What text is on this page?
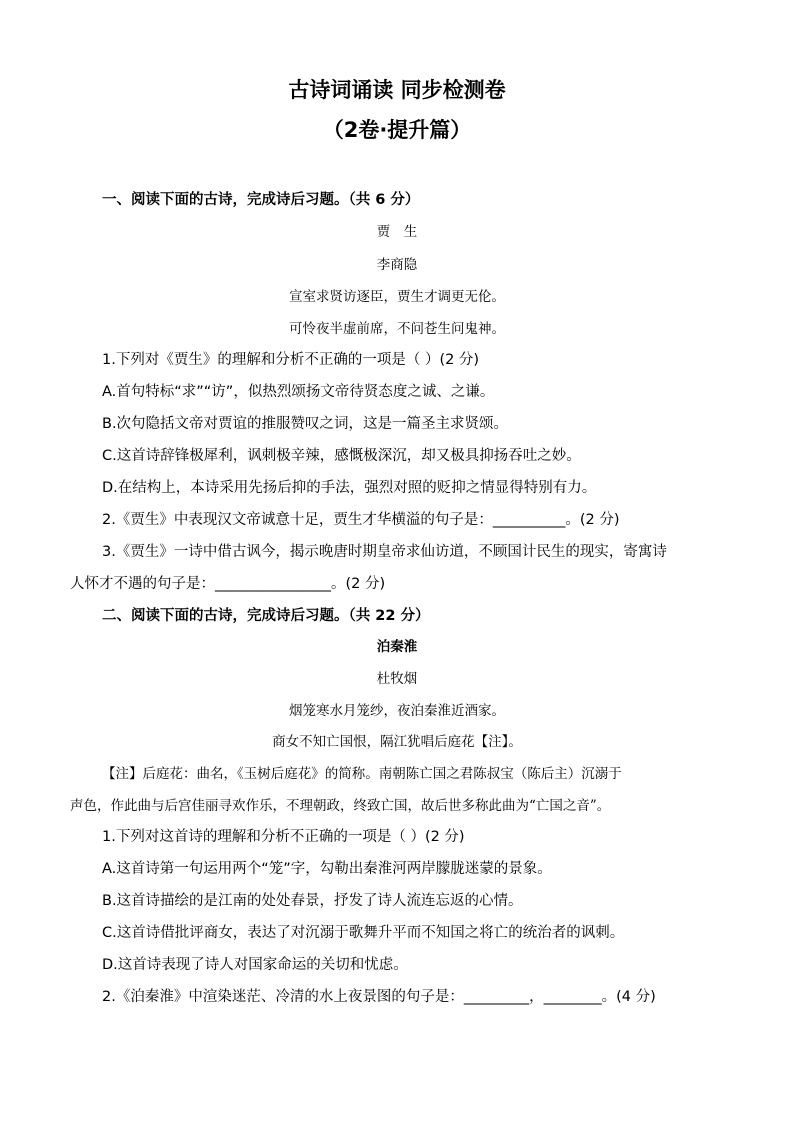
古诗词诵读 同步检测卷
（2卷·提升篇）
一、阅读下面的古诗，完成诗后习题。（共 6 分）
贾　生
李商隐
宣室求贤访逐臣，贾生才调更无伦。
可怜夜半虚前席，不问苍生问鬼神。
1.下列对《贾生》的理解和分析不正确的一项是（ ）(2 分)
A.首句特标“求”“访”，似热烈颂扬文帝待贤态度之诚、之谦。
B.次句隐括文帝对贾谊的推服赞叹之词，这是一篇圣主求贤颂。
C.这首诗辞锋极犀利，讽刺极辛辣，感慨极深沉，却又极具抑扬吞吐之妙。
D.在结构上，本诗采用先扬后抑的手法，强烈对照的贬抑之情显得特别有力。
2.《贾生》中表现汉文帝诚意十足，贾生才华横溢的句子是：__________。(2 分)
3.《贾生》一诗中借古讽今，揭示晚唐时期皇帝求仙访道，不顾国计民生的现实，寄寓诗
人怀才不遇的句子是：________________。(2 分)
二、阅读下面的古诗，完成诗后习题。（共 22 分）
泊秦淮
杜牧烟
烟笼寒水月笼纱，夜泊秦淮近酒家。
商女不知亡国恨，隔江犹唱后庭花【注】。
【注】后庭花：曲名，《玉树后庭花》的简称。南朝陈亡国之君陈叔宝（陈后主）沉溺于
声色，作此曲与后宫佳丽寻欢作乐，不理朝政，终致亡国，故后世多称此曲为“亡国之音”。
1.下列对这首诗的理解和分析不正确的一项是（ ）(2 分)
A.这首诗第一句运用两个“笼”字，勾勒出秦淮河两岸朦胧迷蒙的景象。
B.这首诗描绘的是江南的处处春景，抒发了诗人流连忘返的心情。
C.这首诗借批评商女，表达了对沉溺于歌舞升平而不知国之将亡的统治者的讽刺。
D.这首诗表现了诗人对国家命运的关切和忧虑。
2.《泊秦淮》中渲染迷茫、冷清的水上夜景图的句子是：_________，________。(4 分)
